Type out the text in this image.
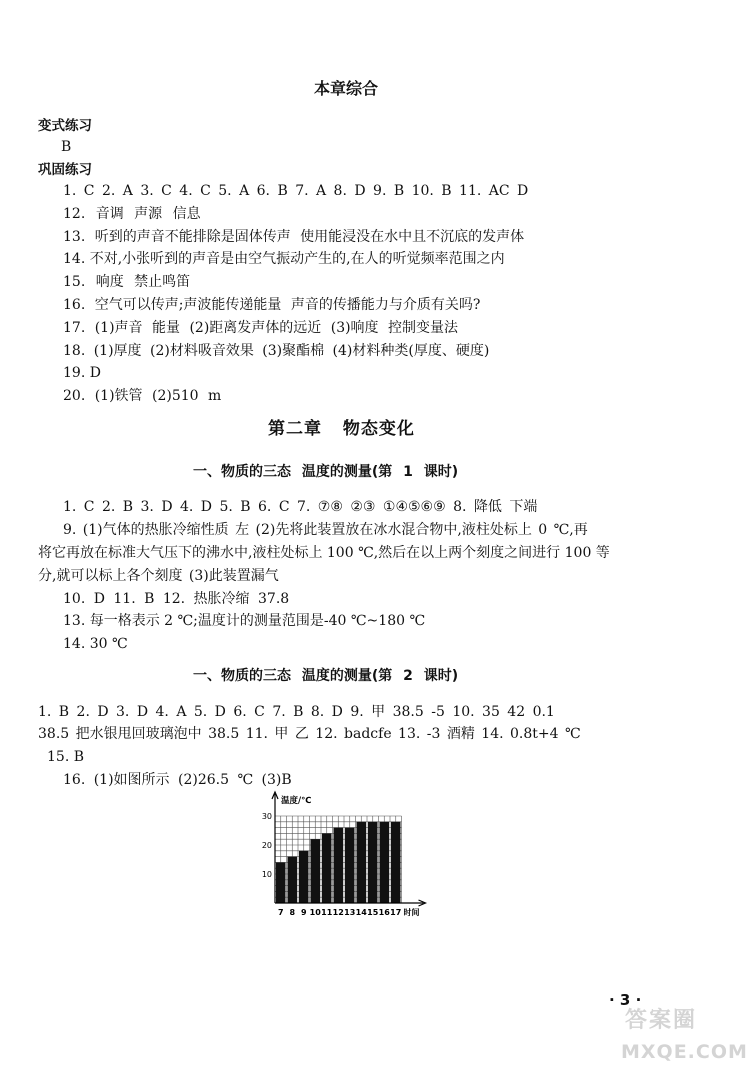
本章综合
变式练习
B
巩固练习
1. C 2. A 3. C 4. C 5. A 6. B 7. A 8. D 9. B 10. B 11. AC D
12. 音调 声源 信息
13. 听到的声音不能排除是固体传声 使用能浸没在水中且不沉底的发声体
14. 不对,小张听到的声音是由空气振动产生的,在人的听觉频率范围之内
15. 响度 禁止鸣笛
16. 空气可以传声;声波能传递能量 声音的传播能力与介质有关吗?
17. (1)声音 能量 (2)距离发声体的远近 (3)响度 控制变量法
18. (1)厚度 (2)材料吸音效果 (3)聚酯棉 (4)材料种类(厚度、硬度)
19. D
20. (1)铁管 (2)510 m
第二章 物态变化
一、物质的三态 温度的测量(第 1 课时)
1. C 2. B 3. D 4. D 5. B 6. C 7. ⑦⑧ ②③ ①④⑤⑥⑨ 8. 降低 下端
9. (1)气体的热胀冷缩性质 左 (2)先将此装置放在冰水混合物中,液柱处标上 0 ℃,再
将它再放在标准大气压下的沸水中,液柱处标上 100 ℃,然后在以上两个刻度之间进行 100 等
分,就可以标上各个刻度 (3)此装置漏气
10. D 11. B 12. 热胀冷缩 37.8
13. 每一格表示 2 ℃;温度计的测量范围是-40 ℃~180 ℃
14. 30 ℃
一、物质的三态 温度的测量(第 2 课时)
1. B 2. D 3. D 4. A 5. D 6. C 7. B 8. D 9. 甲 38.5 -5 10. 35 42 0.1
38.5 把水银甩回玻璃泡中 38.5 11. 甲 乙 12. badcfe 13. -3 酒精 14. 0.8t+4 ℃
15. B
16. (1)如图所示 (2)26.5 ℃ (3)B
10
20
30
7 8 9 10 11 12 13 14 15 16 17
温度/℃
时间
· 3 ·
答案圈
MXQE.COM
